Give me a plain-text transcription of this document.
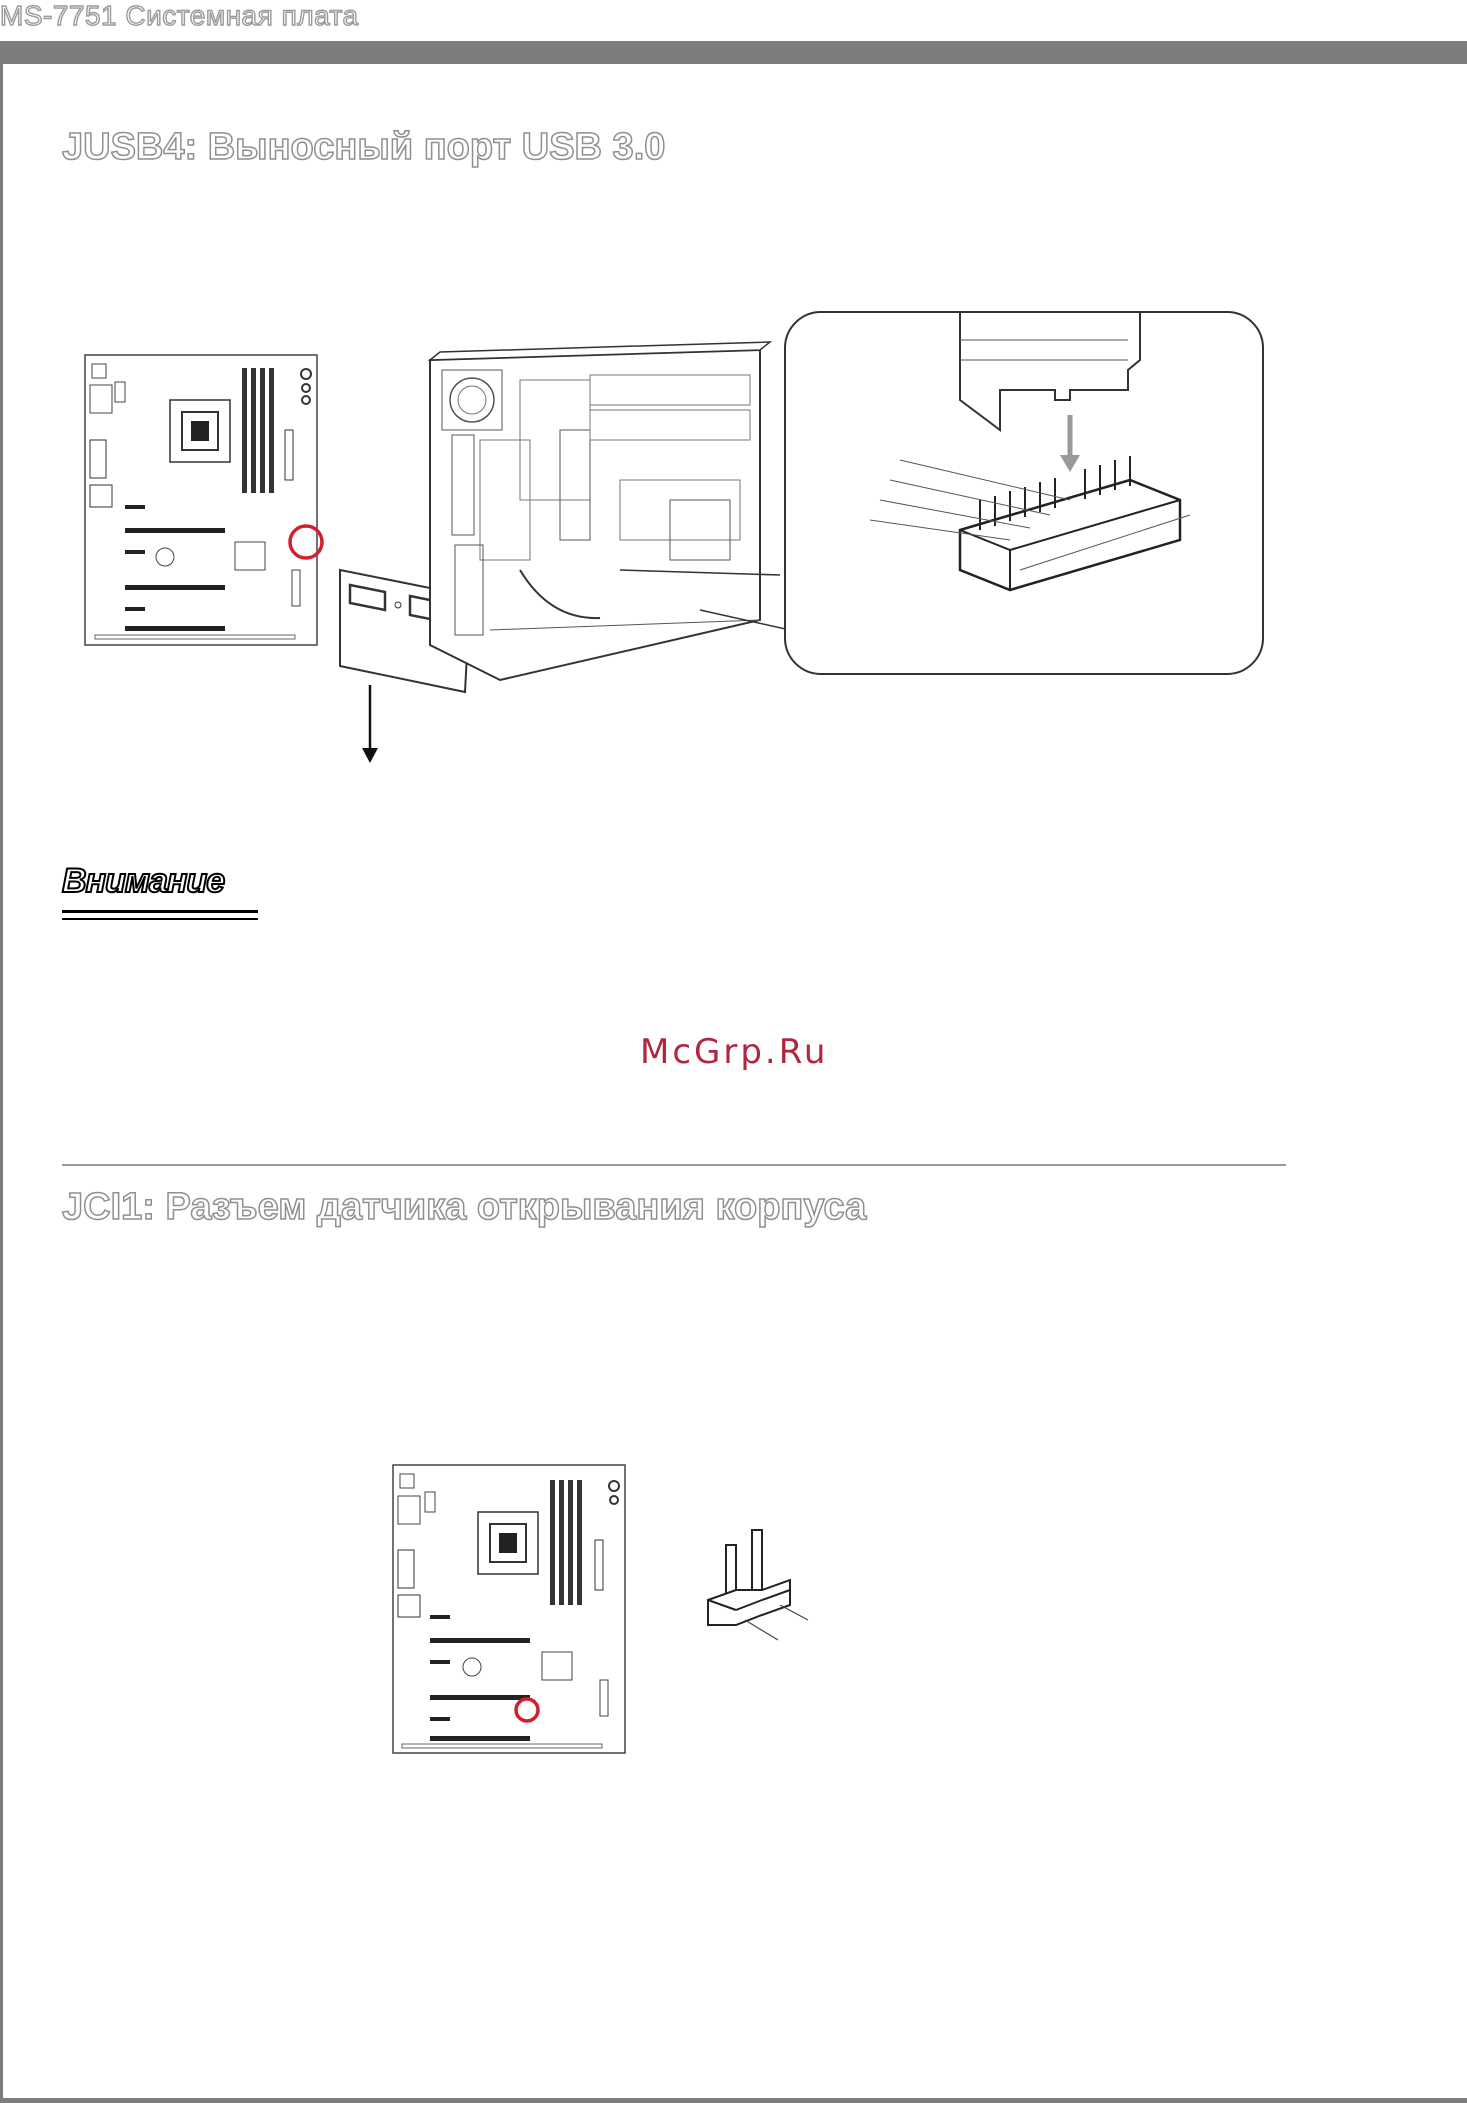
MS-7751 Системная плата
JUSB4: Выносный порт USB 3.0
Внимание
McGrp.Ru
JCI1: Разъем датчика открывания корпуса
